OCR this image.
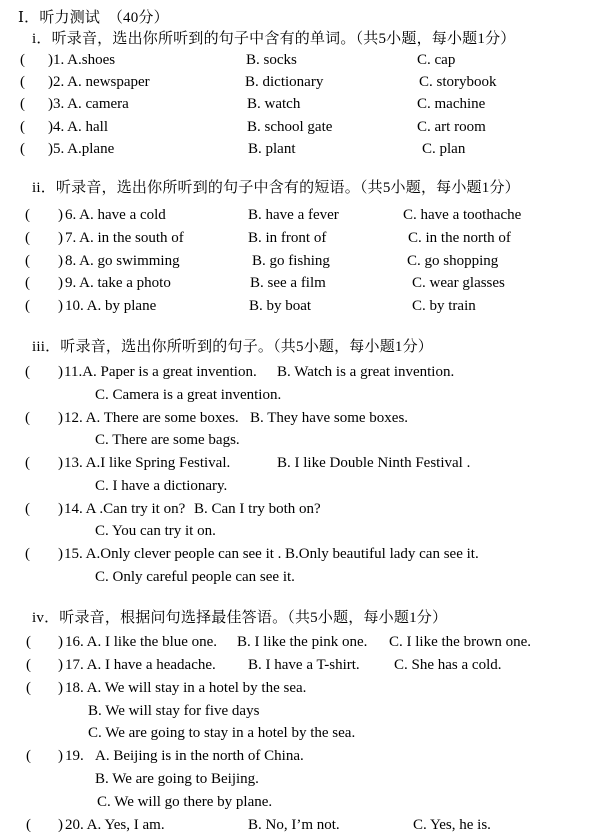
Ⅰ．听力测试　（40分）
i．听录音，选出你所听到的句子中含有的单词。（共5小题，每小题1分）
( ) 1. A.shoes	B. socks	C. cap
( ) 2. A. newspaper	B. dictionary	C. storybook
( ) 3. A. camera	B. watch	C. machine
( ) 4. A. hall	B. school gate	C. art room
( ) 5. A.plane	B. plant	C. plan
ii．听录音，选出你所听到的句子中含有的短语。（共5小题，每小题1分）
( ) 6. A. have a cold	B. have a fever	C. have a toothache
( ) 7. A. in the south of	B. in front of	C. in the north of
( ) 8. A. go swimming	B. go fishing	C. go shopping
( ) 9. A. take a photo	B. see a film	C. wear glasses
( ) 10. A. by plane	B. by boat	C. by train
iii．听录音，选出你所听到的句子。（共5小题，每小题1分）
( ) 11.A. Paper is a great invention. B. Watch is a great invention.
C. Camera is a great invention.
( ) 12. A. There are some boxes. B. They have some boxes.
C. There are some bags.
( ) 13. A.I like Spring Festival.	B. I like Double Ninth Festival .
C. I have a dictionary.
( ) 14. A .Can try it on? B. Can I try both on?
C. You can try it on.
( ) 15. A.Only clever people can see it . B.Only beautiful lady can see it.
C. Only careful people can see it.
iv．听录音，根据问句选择最佳答语。（共5小题，每小题1分）
( ) 16. A. I like the blue one. B. I like the pink one. C. I like the brown one.
( ) 17. A. I have a headache. B. I have a T-shirt. C. She has a cold.
( ) 18. A. We will stay in a hotel by the sea.
B. We will stay for five days
C. We are going to stay in a hotel by the sea.
( ) 19. A. Beijing is in the north of China.
B. We are going to Beijing.
C. We will go there by plane.
( ) 20. A. Yes, I am.	B. No, I’m not.	C. Yes, he is.
